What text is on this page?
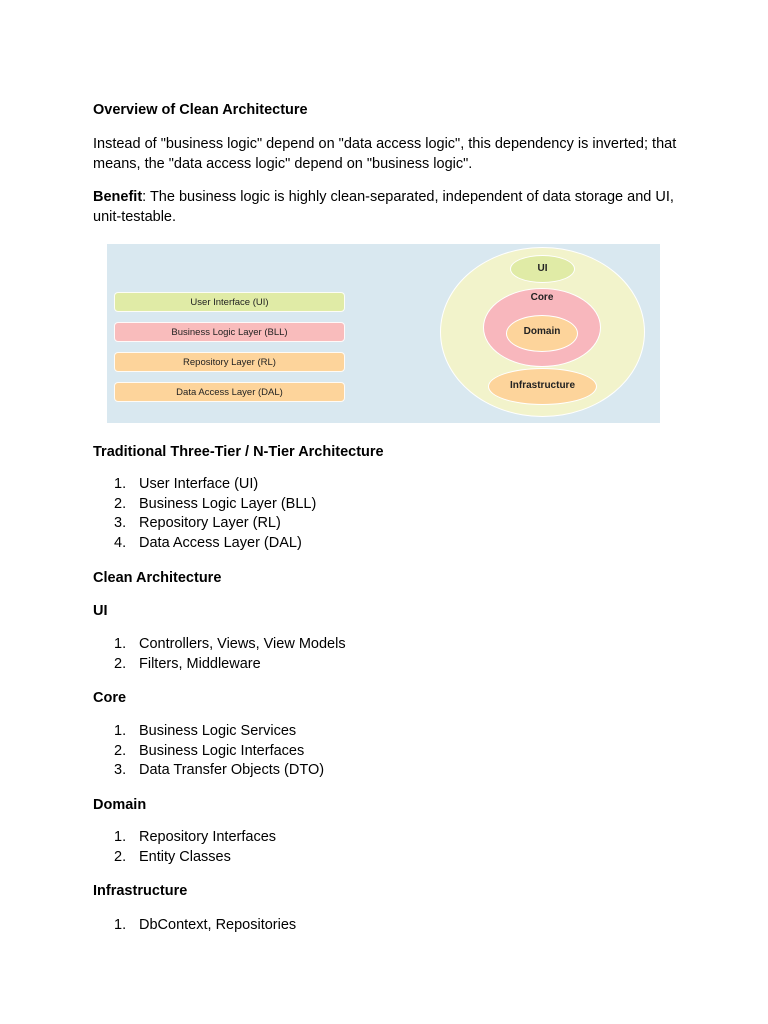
Overview of Clean Architecture

Instead of "business logic" depend on "data access logic", this dependency is inverted; that means, the "data access logic" depend on "business logic".

Benefit: The business logic is highly clean-separated, independent of data storage and UI, unit-testable.

User Interface (UI)
Business Logic Layer (BLL)
Repository Layer (RL)
Data Access Layer (DAL)
UI
Core
Domain
Infrastructure
Traditional Three-Tier / N-Tier Architecture
1. User Interface (UI)
2. Business Logic Layer (BLL)
3. Repository Layer (RL)
4. Data Access Layer (DAL)
Clean Architecture
UI
1. Controllers, Views, View Models
2. Filters, Middleware
Core
1. Business Logic Services
2. Business Logic Interfaces
3. Data Transfer Objects (DTO)
Domain
1. Repository Interfaces
2. Entity Classes
Infrastructure
1. DbContext, Repositories
